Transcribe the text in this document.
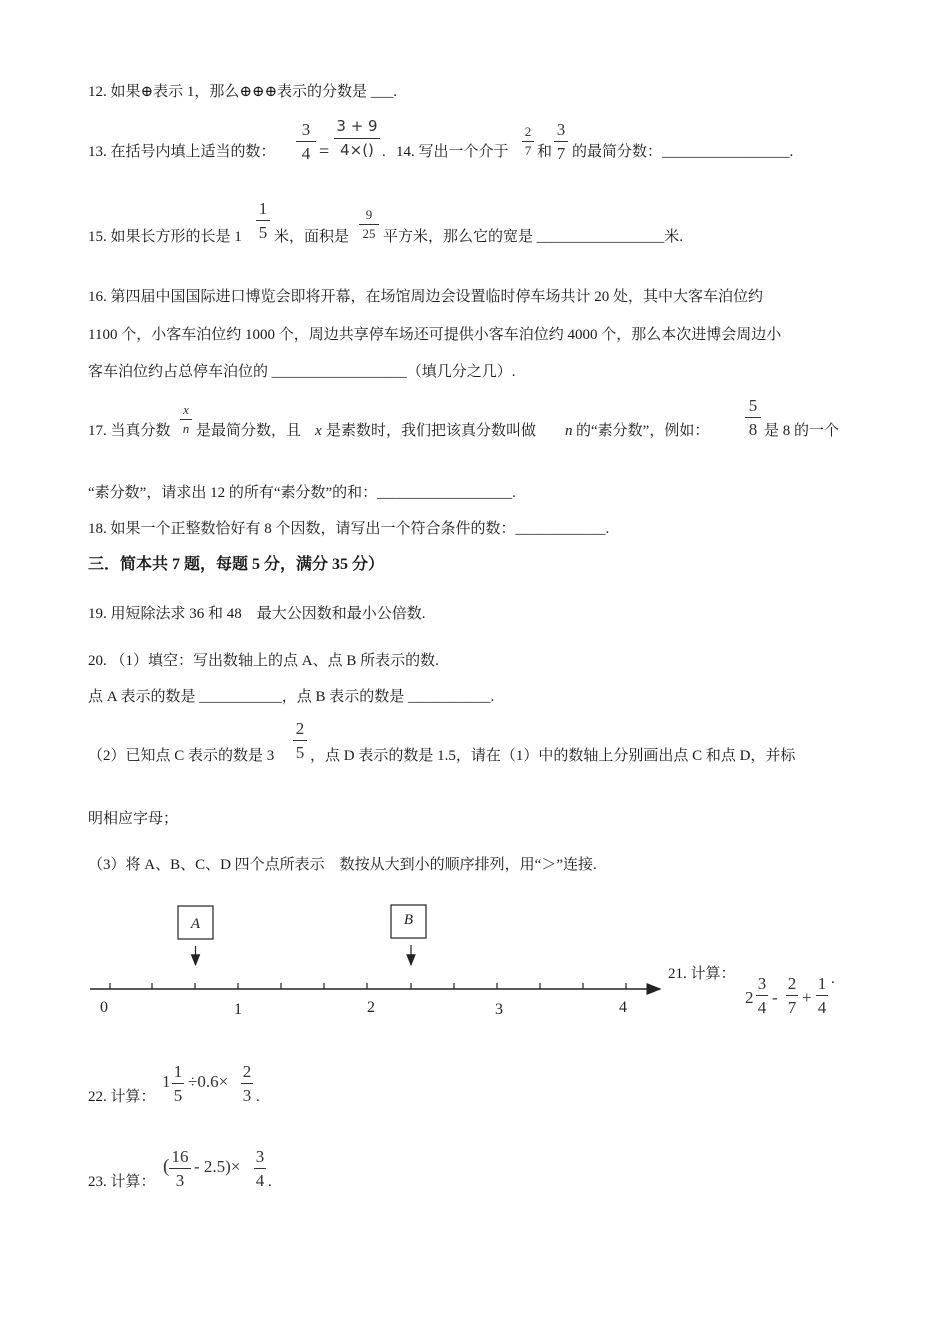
12. 如果⊕表示 1，那么⊕⊕⊕表示的分数是 ___.
13. 在括号内填上适当的数：
3
4 =
3 + 9
4×() . 14. 写出一个介于
2
7 和
3
7 的最简分数：_________________.
15. 如果长方形的长是 1
1
5 米，面积是
9
25 平方米，那么它的宽是 _________________米.
16. 第四届中国国际进口博览会即将开幕，在场馆周边会设置临时停车场共计 20 处，其中大客车泊位约
1100 个，小客车泊位约 1000 个，周边共享停车场还可提供小客车泊位约 4000 个，那么本次进博会周边小
客车泊位约占总停车泊位的 __________________（填几分之几）.
17. 当真分数
x
n 是最简分数，且 x 是素数时，我们把该真分数叫做 n 的“素分数”，例如：
5
8 是 8 的一个
“素分数”，请求出 12 的所有“素分数”的和：__________________.
18. 如果一个正整数恰好有 8 个因数，请写出一个符合条件的数：____________.
三．简本共 7 题，每题 5 分，满分 35 分）
19. 用短除法求 36 和 48　最大公因数和最小公倍数.
20. （1）填空：写出数轴上的点 A、点 B 所表示的数.
点 A 表示的数是 ___________，点 B 表示的数是 ___________.
（2）已知点 C 表示的数是 3
2
5 ，点 D 表示的数是 1.5，请在（1）中的数轴上分别画出点 C 和点 D，并标
明相应字母；
（3）将 A、B、C、D 四个点所表示　数按从大到小的顺序排列，用“＞”连接.
A	B
0	1	2	3	4
21. 计算：
2
3
4
-
2
7
+
1
4
.
22. 计算：
1
1
5
÷0.6×
2
3 .
23. 计算：
( 16
3
- 2.5)×
3
4 .
